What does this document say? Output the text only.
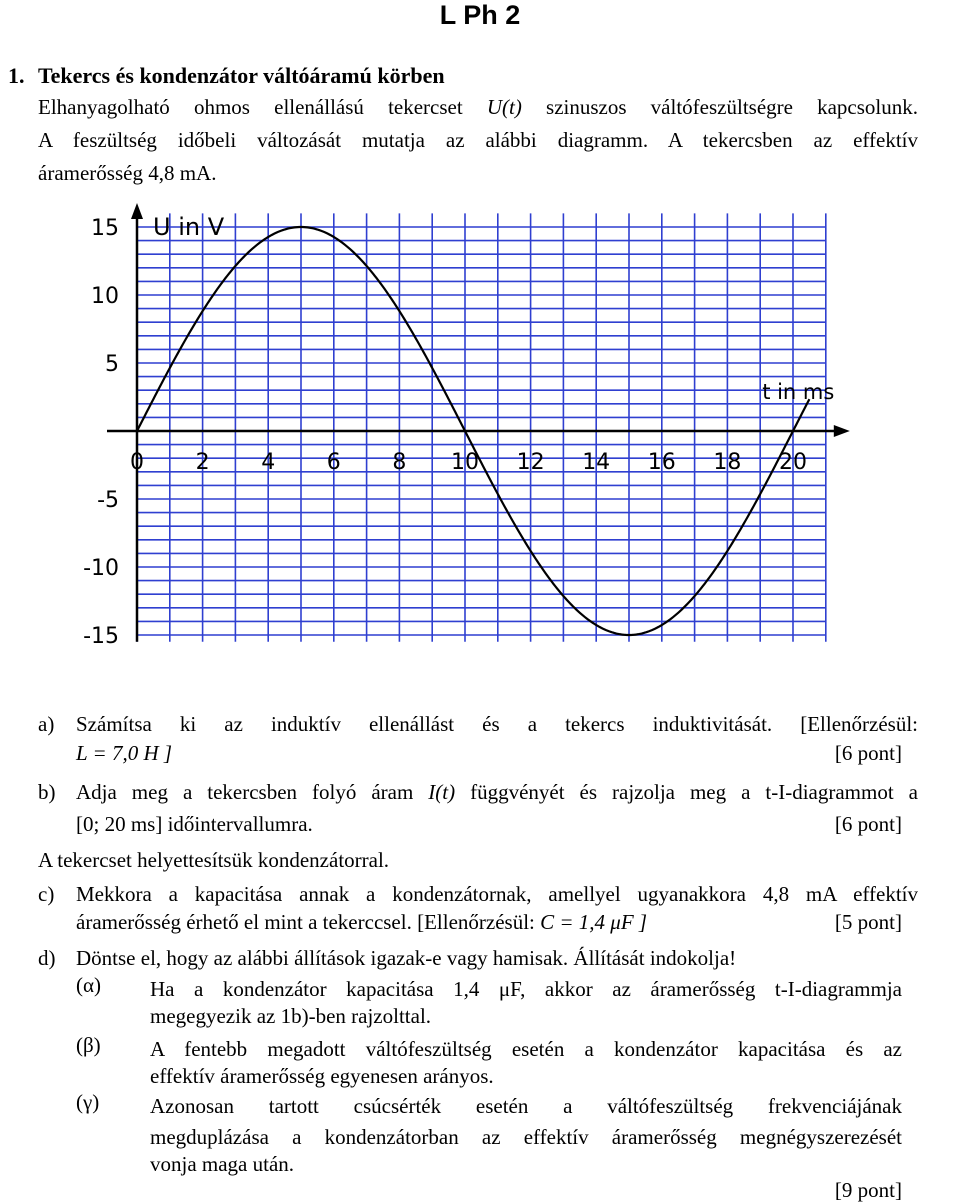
L Ph 2
1. Tekercs és kondenzátor váltóáramú körben
Elhanyagolható ohmos ellenállású tekercset U(t) szinuszos váltófeszültségre kapcsolunk.
A feszültség időbeli változását mutatja az alábbi diagramm. A tekercsben az effektív
áramerősség 4,8 mA.
0 2 4 6 8 10 12 14 16 18 20
15
10
5
-5
-10
-15
U in V
t in ms
a) Számítsa ki az induktív ellenállást és a tekercs induktivitását. [Ellenőrzésül:
L = 7,0 H ]	[6 pont]
b) Adja meg a tekercsben folyó áram I(t) függvényét és rajzolja meg a t-I-diagrammot a
[0; 20 ms] időintervallumra.	[6 pont]
A tekercset helyettesítsük kondenzátorral.
c) Mekkora a kapacitása annak a kondenzátornak, amellyel ugyanakkora 4,8 mA effektív
áramerősség érhető el mint a tekerccsel. [Ellenőrzésül: C = 1,4 μF ]	[5 pont]
d) Döntse el, hogy az alábbi állítások igazak-e vagy hamisak. Állítását indokolja!
(α) Ha a kondenzátor kapacitása 1,4 μF, akkor az áramerősség t-I-diagrammja
megegyezik az 1b)-ben rajzolttal.
(β) A fentebb megadott váltófeszültség esetén a kondenzátor kapacitása és az
effektív áramerősség egyenesen arányos.
(γ) Azonosan tartott csúcsérték esetén a váltófeszültség frekvenciájának
megduplázása a kondenzátorban az effektív áramerősség megnégyszerezését
vonja maga után.
[9 pont]
